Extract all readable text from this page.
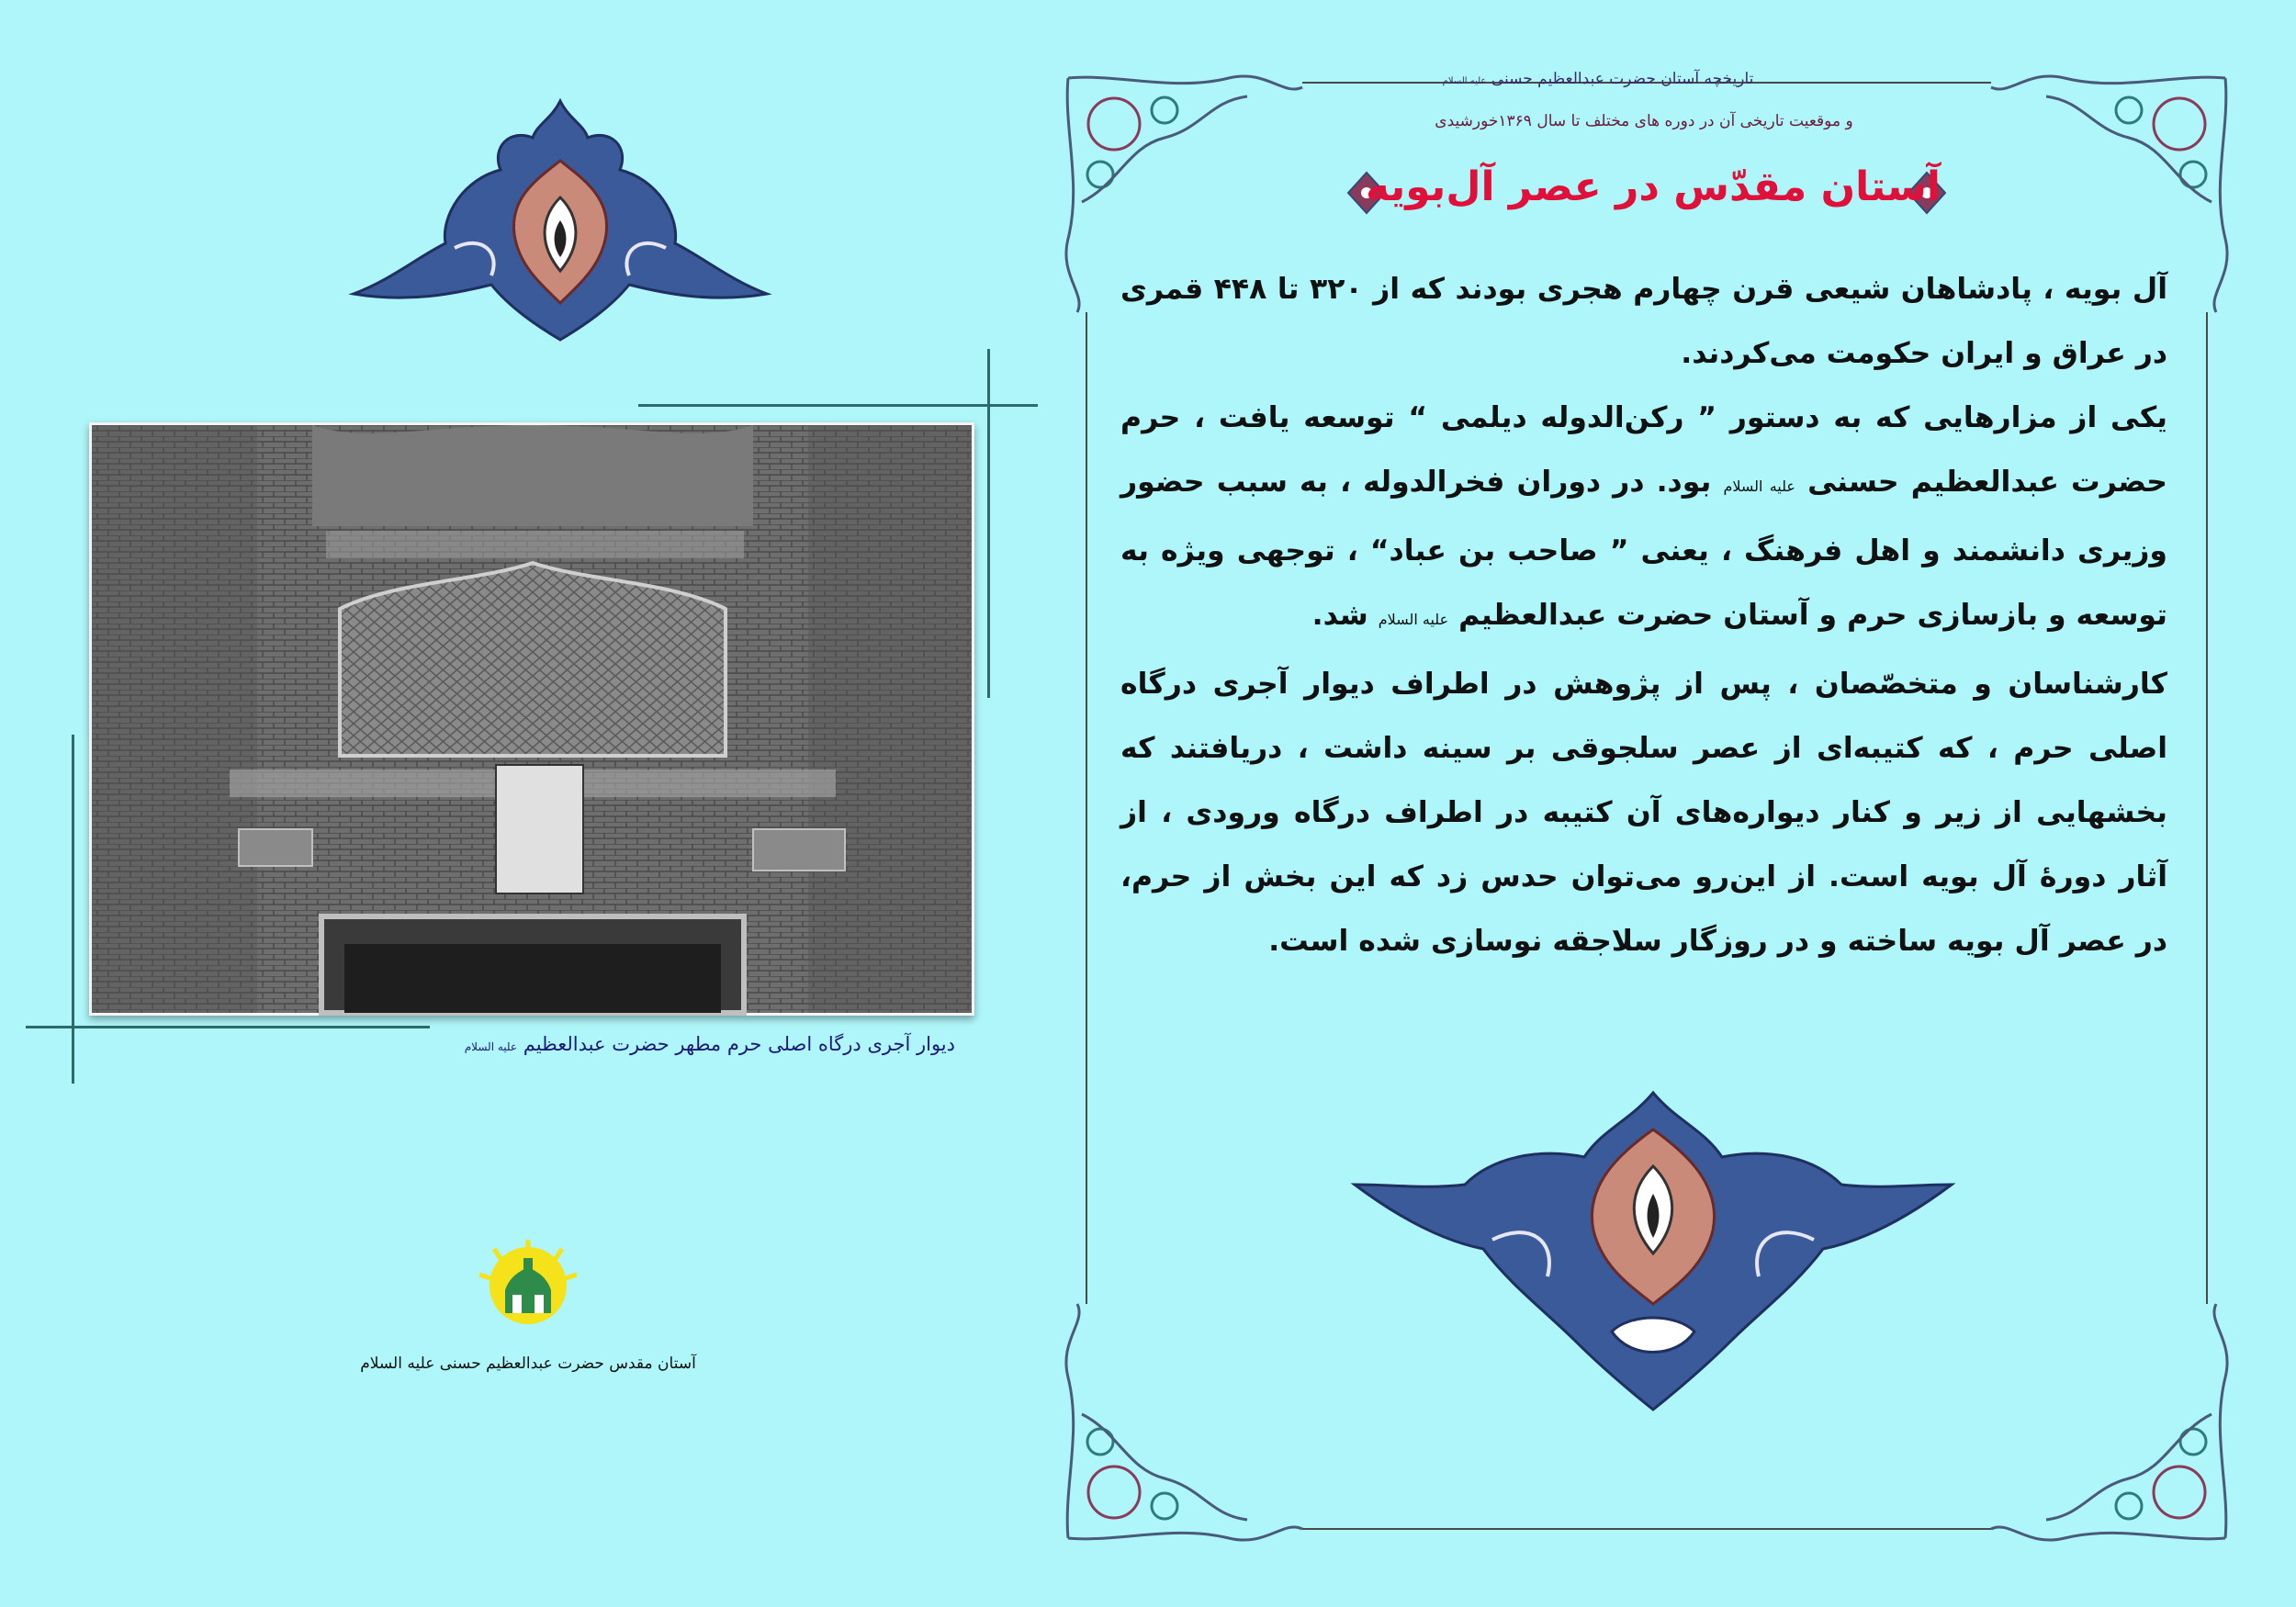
دیوار آجری درگاه اصلی حرم مطهر حضرت عبدالعظیم علیه السلام
آستان مقدس حضرت عبدالعظیم حسنی علیه السلام
تاریخچه آستان حضرت عبدالعظیم حسنی علیه السلام
و موقعیت تاریخی آن در دوره های مختلف تا سال ۱۳۶۹خورشیدی
آستان مقدّس در عصر آل‌بویه

آل بویه ، پادشاهان شیعی قرن چهارم هجری بودند که از ۳۲۰ تا ۴۴۸ قمری در عراق و ایران حکومت می‌کردند.

یکی از مزارهایی که به دستور ” رکن‌الدوله دیلمی “ توسعه یافت ، حرم حضرت عبدالعظیم حسنی علیه السلام بود. در دوران فخرالدوله ، به سبب حضور وزیری دانشمند و اهل فرهنگ ، یعنی ” صاحب بن عباد“ ، توجهی ویژه به توسعه و بازسازی حرم و آستان حضرت عبدالعظیم علیه السلام شد.

کارشناسان و متخصّصان ، پس از پژوهش در اطراف دیوار آجری درگاه اصلی حرم ، که کتیبه‌ای از عصر سلجوقی بر سینه داشت ، دریافتند که بخشهایی از زیر و کنار دیواره‌های آن کتیبه در اطراف درگاه ورودی ، از آثار دورۀ آل بویه است. از این‌رو می‌توان حدس زد که این بخش از حرم، در عصر آل بویه ساخته و در روزگار سلاجقه نوسازی شده است.
